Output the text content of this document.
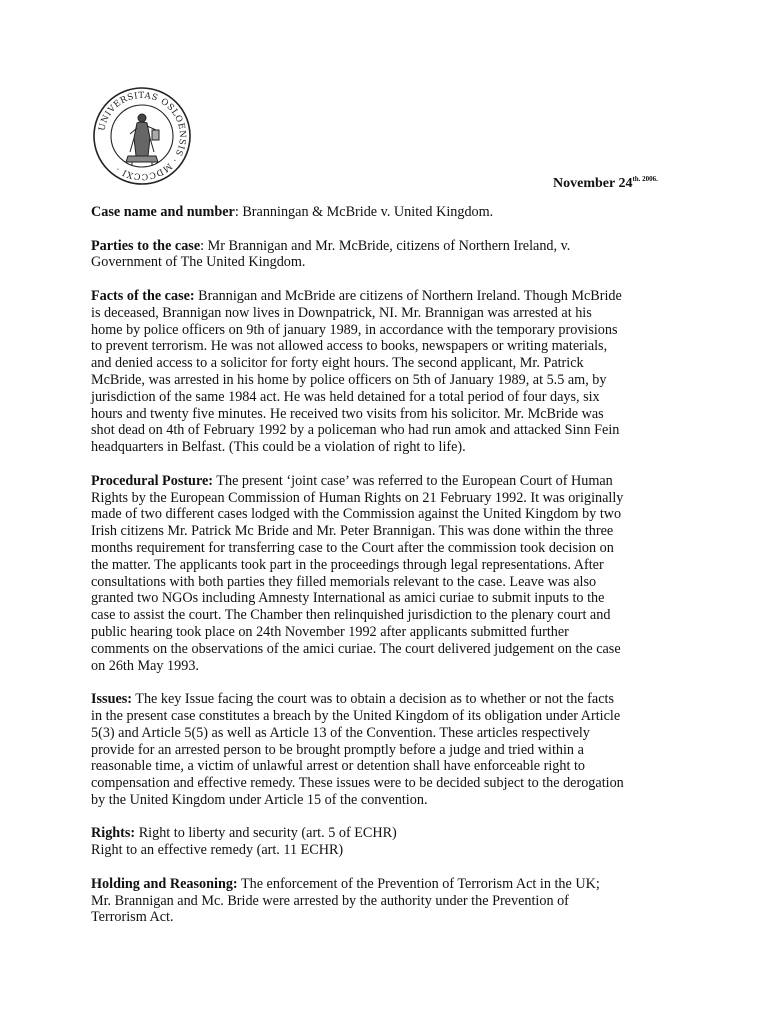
UNIVERSITAS OSLOENSIS · MDCCCXI ·
November $24^{th. 2006.}$

Case name and number: Branningan & McBride v. United Kingdom.

Parties to the case: Mr Brannigan and Mr. McBride, citizens of Northern Ireland, v.
Government of The United Kingdom.

Facts of the case: Brannigan and McBride are citizens of Northern Ireland. Though McBride
is deceased, Brannigan now lives in Downpatrick, NI. Mr. Brannigan was arrested at his
home by police officers on 9th of january 1989, in accordance with the temporary provisions
to prevent terrorism. He was not allowed access to books, newspapers or writing materials,
and denied access to a solicitor for forty eight hours. The second applicant, Mr. Patrick
McBride, was arrested in his home by police officers on 5th of January 1989, at 5.5 am, by
jurisdiction of the same 1984 act. He was held detained for a total period of four days, six
hours and twenty five minutes. He received two visits from his solicitor. Mr. McBride was
shot dead on 4th of February 1992 by a policeman who had run amok and attacked Sinn Fein
headquarters in Belfast. (This could be a violation of right to life).

Procedural Posture: The present ‘joint case’ was referred to the European Court of Human
Rights by the European Commission of Human Rights on 21 February 1992. It was originally
made of two different cases lodged with the Commission against the United Kingdom by two
Irish citizens Mr. Patrick Mc Bride and Mr. Peter Brannigan. This was done within the three
months requirement for transferring case to the Court after the commission took decision on
the matter. The applicants took part in the proceedings through legal representations. After
consultations with both parties they filled memorials relevant to the case. Leave was also
granted two NGOs including Amnesty International as amici curiae to submit inputs to the
case to assist the court. The Chamber then relinquished jurisdiction to the plenary court and
public hearing took place on 24th November 1992 after applicants submitted further
comments on the observations of the amici curiae. The court delivered judgement on the case
on 26th May 1993.

Issues: The key Issue facing the court was to obtain a decision as to whether or not the facts
in the present case constitutes a breach by the United Kingdom of its obligation under Article
5(3) and Article 5(5) as well as Article 13 of the Convention. These articles respectively
provide for an arrested person to be brought promptly before a judge and tried within a
reasonable time, a victim of unlawful arrest or detention shall have enforceable right to
compensation and effective remedy. These issues were to be decided subject to the derogation
by the United Kingdom under Article 15 of the convention.

Rights: Right to liberty and security (art. 5 of ECHR)
Right to an effective remedy (art. 11 ECHR)

Holding and Reasoning: The enforcement of the Prevention of Terrorism Act in the UK;
Mr. Brannigan and Mc. Bride were arrested by the authority under the Prevention of
Terrorism Act.
